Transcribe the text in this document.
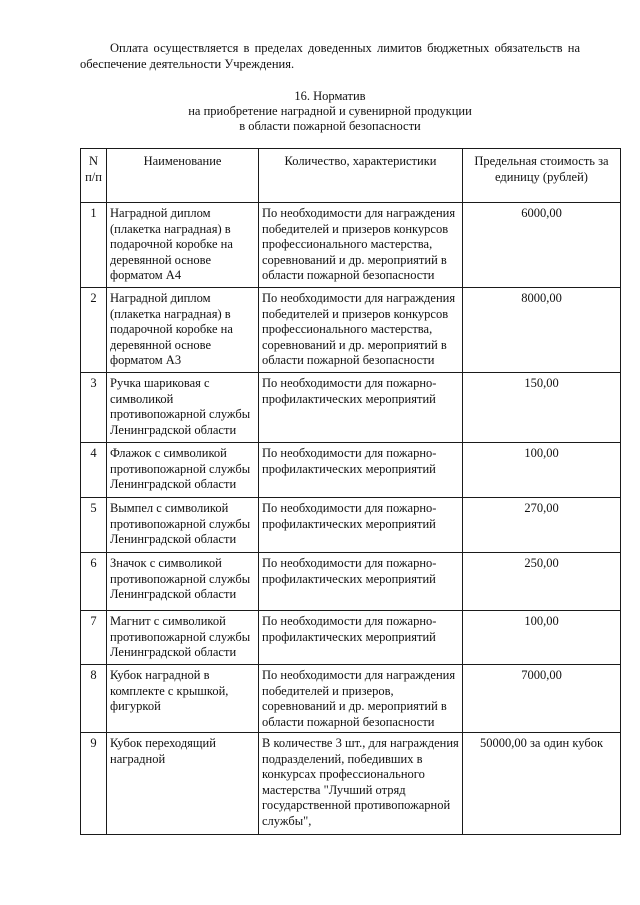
Оплата осуществляется в пределах доведенных лимитов бюджетных обязательств на обеспечение деятельности Учреждения.

16. Норматив
на приобретение наградной и сувенирной продукции
в области пожарной безопасности
N п/п	Наименование	Количество, характеристики	Предельная стоимость за единицу (рублей)
1	Наградной диплом (плакетка наградная) в подарочной коробке на деревянной основе форматом А4	По необходимости для награждения победителей и призеров конкурсов профессионального мастерства, соревнований и др. мероприятий в области пожарной безопасности	6000,00
2	Наградной диплом (плакетка наградная) в подарочной коробке на деревянной основе форматом А3	По необходимости для награждения победителей и призеров конкурсов профессионального мастерства, соревнований и др. мероприятий в области пожарной безопасности	8000,00
3	Ручка шариковая с символикой противопожарной службы Ленинградской области	По необходимости для пожарно-профилактических мероприятий	150,00
4	Флажок с символикой противопожарной службы Ленинградской области	По необходимости для пожарно-профилактических мероприятий	100,00
5	Вымпел с символикой противопожарной службы Ленинградской области	По необходимости для пожарно-профилактических мероприятий	270,00
6	Значок с символикой противопожарной службы Ленинградской области	По необходимости для пожарно-профилактических мероприятий	250,00
7	Магнит с символикой противопожарной службы Ленинградской области	По необходимости для пожарно-профилактических мероприятий	100,00
8	Кубок наградной в комплекте с крышкой, фигуркой	По необходимости для награждения победителей и призеров, соревнований и др. мероприятий в области пожарной безопасности	7000,00
9	Кубок переходящий наградной	В количестве 3 шт., для награждения подразделений, победивших в конкурсах профессионального мастерства "Лучший отряд государственной противопожарной службы",	50000,00 за один кубок
